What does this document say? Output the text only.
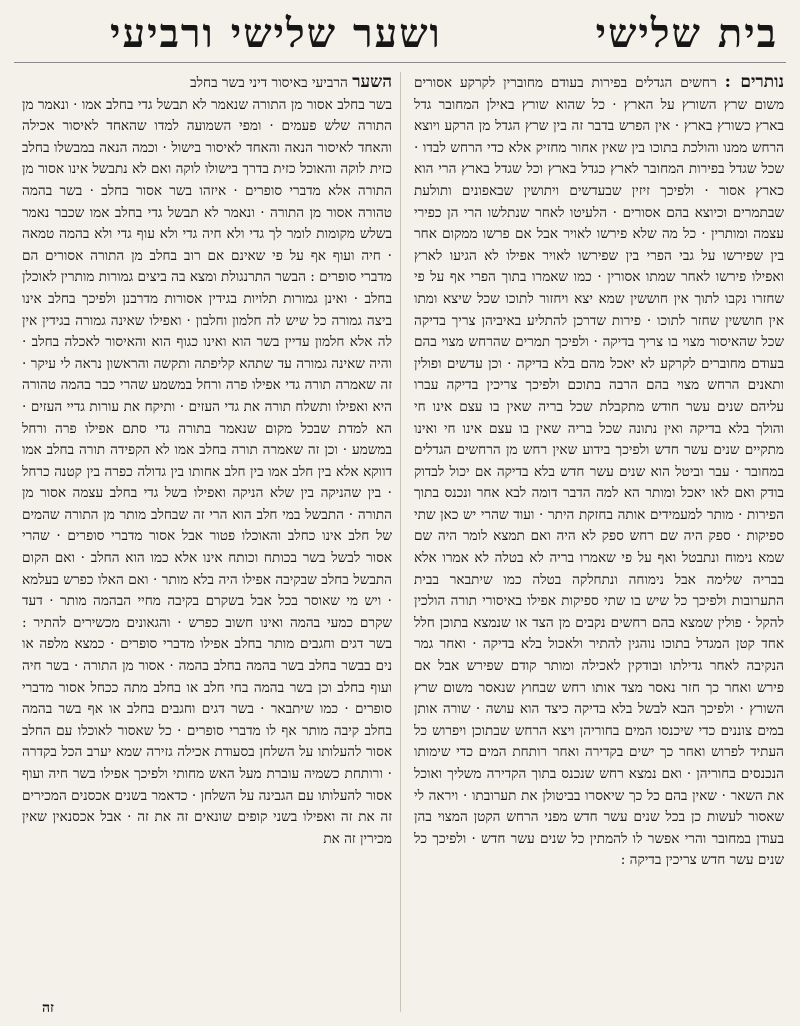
בית שלישי
ושער שלישי ורביעי

נותרים : רחשים הגדלים בפירות בעודם מחוברין לקרקע אסורים משום שרץ השורץ על הארץ · כל שהוא שורץ באילן המחובר גדל בארץ כשורץ בארץ · אין הפרש בדבר זה בין שרץ הגדל מן הרקע ויוצא הרחש ממנו והולכת בתוכו בין שאין אחור מחזיק אלא כדי הרחש לבדו · שכל שגדל בפירות המחובר לארץ כגדל בארץ וכל שגדל בארץ הרי הוא כארץ אסור · ולפיכך זיזין שבעדשים ויתושין שבאפונים ותולעת שבתמרים וכיוצא בהם אסורים · הלעיטו לאחר שנתלשו הרי הן כפירי עצמה ומותרין · כל מה שלא פירשו לאויר אבל אם פרשו ממקום אחר בין שפירשו על גבי הפרי בין שפירשו לאויר אפילו לא הגיעו לארץ ואפילו פירשו לאחר שמתו אסורין · כמו שאמרו בתוך הפרי אף על פי שחזרו נקבו לתוך אין חוששין שמא יצא ויחזור לתוכו שכל שיצא ומתו אין חוששין שחזר לתוכו · פירות שדרכן להתליע באיביהן צריך בדיקה שכל שהאיסור מצוי בו צריך בדיקה · ולפיכך תמרים שהרחש מצוי בהם בעודם מחוברים לקרקע לא יאכל מהם בלא בדיקה · וכן עדשים ופולין ותאנים הרחש מצוי בהם הרבה בתוכם ולפיכך צריכין בדיקה עברו עליהם שנים עשר חודש מתקבלת שכל בריה שאין בו עצם אינו חי והולך בלא בדיקה ואין נתונה שכל בריה שאין בו עצם אינו חי ואינו מתקיים שנים עשר חדש ולפיכך בידוע שאין רחש מן הרחשים הגדלים במחובר · עבר וביטל הוא שנים עשר חדש בלא בדיקה אם יכול לבדוק בודק ואם לאו יאכל ומותר הא למה הדבר דומה לבא אחר ונכנס בתוך הפירות · מותר למעמידים אותה בחזקת היתר · ועוד שהרי יש כאן שתי ספיקות · ספק היה שם רחש ספק לא היה ואם תמצא לומר היה שם שמא נימוח ונתבטל ואף על פי שאמרו בריה לא בטלה לא אמרו אלא בבריה שלימה אבל נימוחה ונתחלקה בטלה כמו שיתבאר בבית התערובות ולפיכך כל שיש בו שתי ספיקות אפילו באיסורי תורה הולכין להקל · פולין שמצא בהם רחשים נקבים מן הצד או שנמצא בתוכן חלל אחד קטן המגדל בתוכו נוהגין להתיר ולאכול בלא בדיקה · ואחר גמר הנקיבה לאחר גדילתו ובודקין לאכילה ומותר קודם שפירש אבל אם פירש ואחר כך חזר נאסר מצד אותו רחש שבחוץ שנאסר משום שרץ השורץ · ולפיכך הבא לבשל בלא בדיקה כיצד הוא עושה · שורה אותן במים צוננים כדי שיכנסו המים בחוריהן ויצא הרחש שבתוכן ויפרוש כל העתיד לפרוש ואחר כך ישים בקדירה ואחר רותחת המים כדי שימותו הנכנסים בחוריהן · ואם נמצא רחש שנכנס בתוך הקדירה משליך ואוכל את השאר · שאין בהם כל כך שיאסרו בביטולן את תערובתו · ויראה לי שאסור לעשות כן בכל שנים עשר חדש מפני הרחש הקטן המצוי בהן בעודן במחובר והרי אפשר לו להמתין כל שנים עשר חדש · ולפיכך כל שנים עשר חדש צריכין בדיקה :

השער הרביעי באיסור דיני בשר בחלב

בשר בחלב אסור מן התורה שנאמר לא תבשל גדי בחלב אמו · ונאמר מן התורה שלש פעמים · ומפי השמועה למדו שהאחד לאיסור אכילה והאחד לאיסור הנאה והאחד לאיסור בישול · וכמה הנאה במבשלו בחלב כזית לוקה והאוכל כזית בדרך בישולו לוקה ואם לא נתבשל אינו אסור מן התורה אלא מדברי סופרים · איזהו בשר אסור בחלב · בשר בהמה טהורה אסור מן התורה · ונאמר לא תבשל גדי בחלב אמו שכבר נאמר בשלש מקומות לומר לך גדי ולא חיה גדי ולא עוף גדי ולא בהמה טמאה · חיה ועוף אף על פי שאינם אם רוב בחלב מן התורה אסורים הם מדברי סופרים : הבשר התרנגולת ומצא בה ביצים גמורות מותרין לאוכלן בחלב · ואינן גמורות תלויות בגידין אסורות מדרבנן ולפיכך בחלב אינו ביצה גמורה כל שיש לה חלמון וחלבון · ואפילו שאינה גמורה בגידין אין לה אלא חלמון עדיין בשר הוא ואינו כגוף הוא והאיסור לאכלה בחלב · והיה שאינה גמורה עד שתהא קליפתה ותקשה והראשון נראה לי עיקר · זה שאמרה תורה גדי אפילו פרה ורחל במשמע שהרי כבר בהמה טהורה היא ואפילו ותשלח תורה את גדי העזים · ותיקח את עורות גדיי העזים · הא למדת שבכל מקום שנאמר בתורה גדי סתם אפילו פרה ורחל במשמע · וכן זה שאמרה תורה בחלב אמו לא הקפידה תורה בחלב אמו דווקא אלא בין חלב אמו בין חלב אחותו בין גדולה כפרה בין קטנה כרחל · בין שהניקה בין שלא הניקה ואפילו בשל גדי בחלב עצמה אסור מן התורה · התבשל במי חלב הוא הרי זה שבחלב מותר מן התורה שהמים של חלב אינו כחלב והאוכלו פטור אבל אסור מדברי סופרים · שהרי אסור לבשל בשר בכותח וכותח אינו אלא כמו הוא החלב · ואם הקום התבשל בחלב שבקיבה אפילו היה בלא מותר · ואם האלו כפרש בעלמא · ויש מי שאוסר בכל אבל בשקרם בקיבה מחיי הבהמה מותר · דעד שקרם כמעי בהמה ואינו חשוב כפרש · והגאונים מכשירים להתיר : בשר דגים וחגבים מותר בחלב אפילו מדברי סופרים · כמצא מלפה או נים בבשר בחלב בשר בהמה בחלב בהמה · אסור מן התורה · בשר חיה ועוף בחלב וכן בשר בהמה בחי חלב או בחלב מתה ככחל אסור מדברי סופרים · כמו שיתבאר · בשר דגים וחגבים בחלב או אף בשר בהמה בחלב קיבה מותר אף לו מדברי סופרים · כל שאסור לאוכלו עם החלב אסור להעלותו על השלחן בסעודת אכילה גזירה שמא יערב הכל בקדרה · ורותחת כשמיה עוברת מעל האש מחותי ולפיכך אפילו בשר חיה ועוף אסור להעלותו עם הגבינה על השלחן · כדאמר בשנים אכסנים המכירים זה את זה ואפילו בשני קופים שונאים זה את זה · אבל אכסנאין שאין מכירין זה את

זה
